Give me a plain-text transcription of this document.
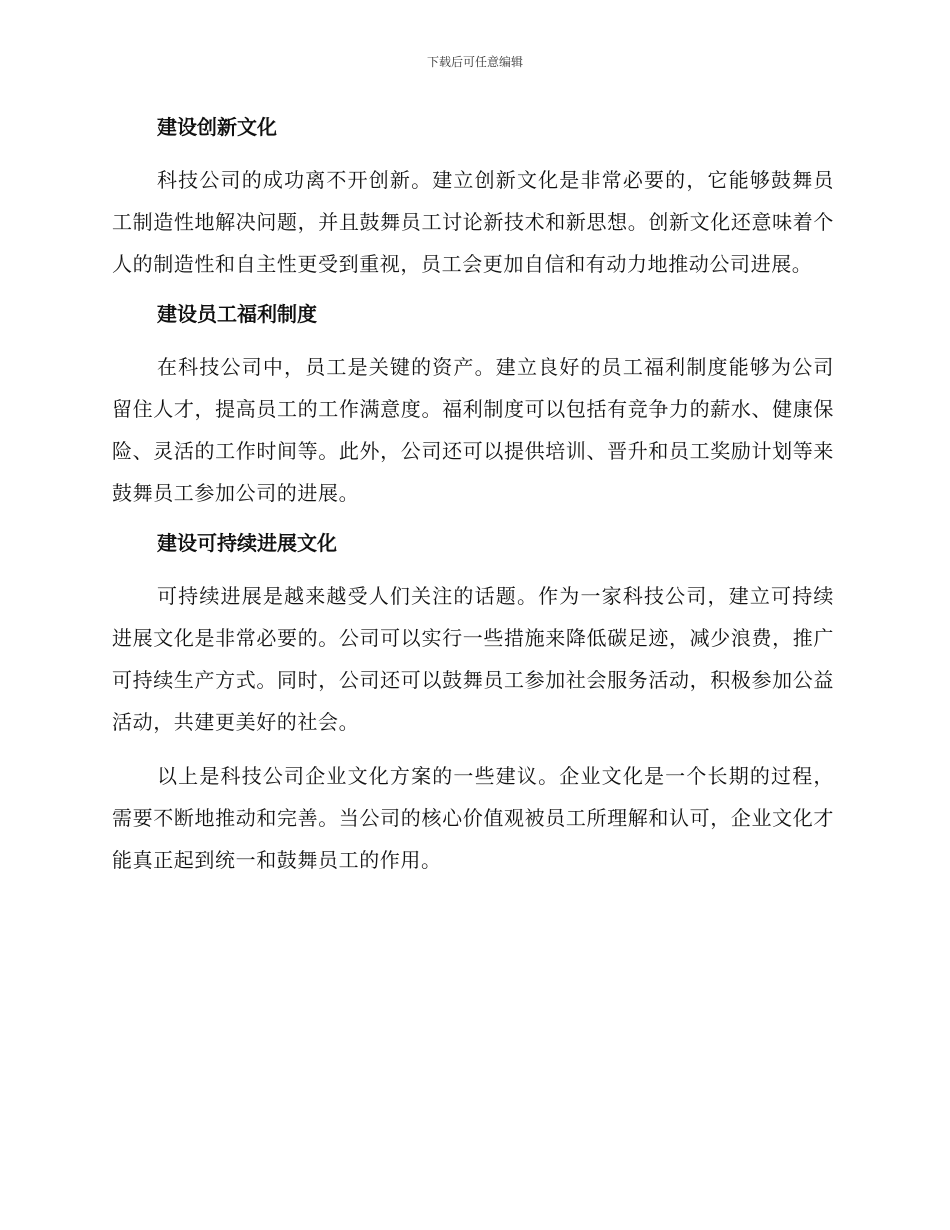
下载后可任意编辑
建设创新文化

科技公司的成功离不开创新。建立创新文化是非常必要的，它能够鼓舞员工制造性地解决问题，并且鼓舞员工讨论新技术和新思想。创新文化还意味着个人的制造性和自主性更受到重视，员工会更加自信和有动力地推动公司进展。

建设员工福利制度

在科技公司中，员工是关键的资产。建立良好的员工福利制度能够为公司留住人才，提高员工的工作满意度。福利制度可以包括有竞争力的薪水、健康保险、灵活的工作时间等。此外，公司还可以提供培训、晋升和员工奖励计划等来鼓舞员工参加公司的进展。

建设可持续进展文化

可持续进展是越来越受人们关注的话题。作为一家科技公司，建立可持续进展文化是非常必要的。公司可以实行一些措施来降低碳足迹，减少浪费，推广可持续生产方式。同时，公司还可以鼓舞员工参加社会服务活动，积极参加公益活动，共建更美好的社会。

以上是科技公司企业文化方案的一些建议。企业文化是一个长期的过程，需要不断地推动和完善。当公司的核心价值观被员工所理解和认可，企业文化才能真正起到统一和鼓舞员工的作用。
